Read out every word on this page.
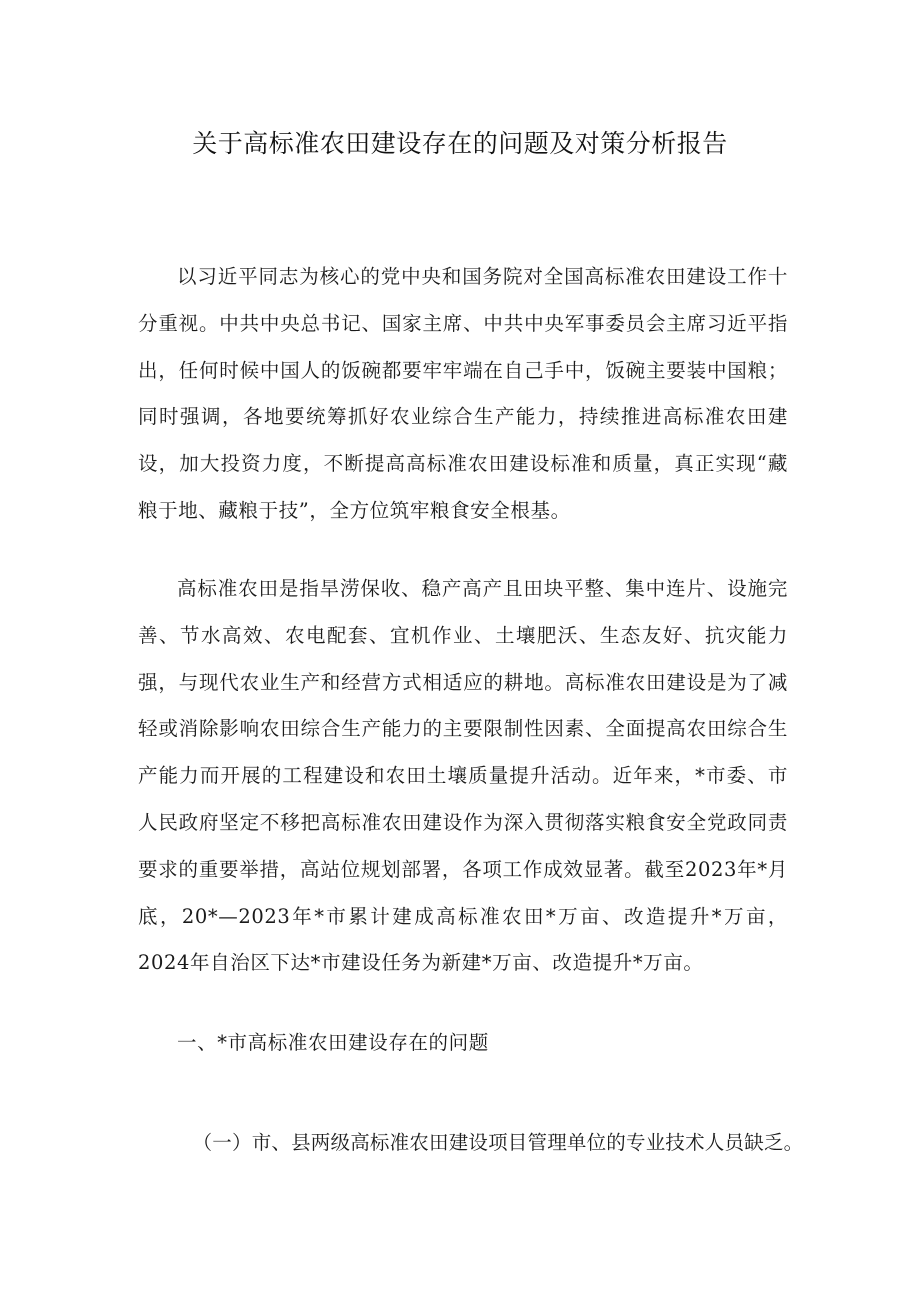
关于高标准农田建设存在的问题及对策分析报告

以习近平同志为核心的党中央和国务院对全国高标准农田建设工作十分重视。中共中央总书记、国家主席、中共中央军事委员会主席习近平指出，任何时候中国人的饭碗都要牢牢端在自己手中，饭碗主要装中国粮；同时强调，各地要统筹抓好农业综合生产能力，持续推进高标准农田建设，加大投资力度，不断提高高标准农田建设标准和质量，真正实现“藏粮于地、藏粮于技”，全方位筑牢粮食安全根基。

高标准农田是指旱涝保收、稳产高产且田块平整、集中连片、设施完善、节水高效、农电配套、宜机作业、土壤肥沃、生态友好、抗灾能力强，与现代农业生产和经营方式相适应的耕地。高标准农田建设是为了减轻或消除影响农田综合生产能力的主要限制性因素、全面提高农田综合生产能力而开展的工程建设和农田土壤质量提升活动。近年来，*市委、市人民政府坚定不移把高标准农田建设作为深入贯彻落实粮食安全党政同责要求的重要举措，高站位规划部署，各项工作成效显著。截至2023年*月底，20*—2023年*市累计建成高标准农田*万亩、改造提升*万亩，2024年自治区下达*市建设任务为新建*万亩、改造提升*万亩。

一、*市高标准农田建设存在的问题
（一）市、县两级高标准农田建设项目管理单位的专业技术人员缺乏。
